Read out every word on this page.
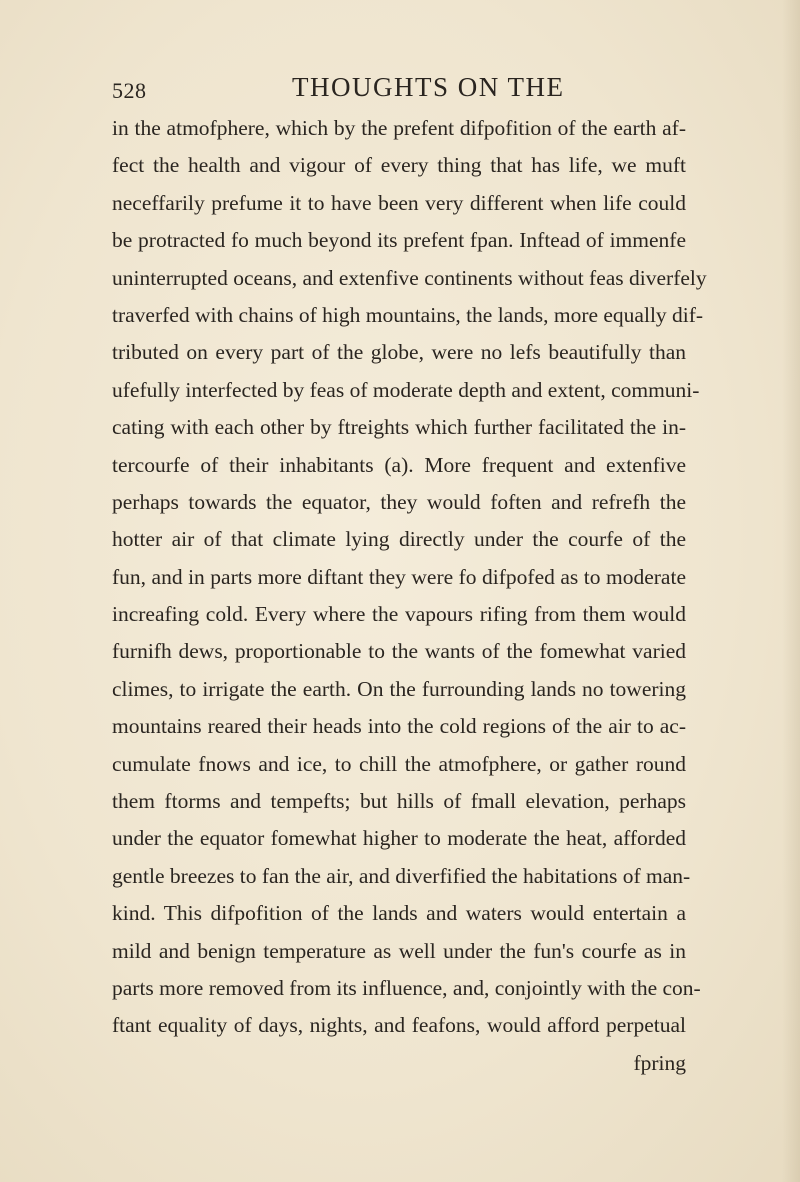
528	THOUGHTS ON THE
in the atmofphere, which by the prefent difpofition of the earth af-
fect the health and vigour of every thing that has life, we muft
neceffarily prefume it to have been very different when life could
be protracted fo much beyond its prefent fpan. Inftead of immenfe
uninterrupted oceans, and extenfive continents without feas diverfely
traverfed with chains of high mountains, the lands, more equally dif-
tributed on every part of the globe, were no lefs beautifully than
ufefully interfected by feas of moderate depth and extent, communi-
cating with each other by ftreights which further facilitated the in-
tercourfe of their inhabitants (a). More frequent and extenfive
perhaps towards the equator, they would foften and refrefh the
hotter air of that climate lying directly under the courfe of the
fun, and in parts more diftant they were fo difpofed as to moderate
increafing cold. Every where the vapours rifing from them would
furnifh dews, proportionable to the wants of the fomewhat varied
climes, to irrigate the earth. On the furrounding lands no towering
mountains reared their heads into the cold regions of the air to ac-
cumulate fnows and ice, to chill the atmofphere, or gather round
them ftorms and tempefts; but hills of fmall elevation, perhaps
under the equator fomewhat higher to moderate the heat, afforded
gentle breezes to fan the air, and diverfified the habitations of man-
kind. This difpofition of the lands and waters would entertain a
mild and benign temperature as well under the fun's courfe as in
parts more removed from its influence, and, conjointly with the con-
ftant equality of days, nights, and feafons, would afford perpetual
fpring
